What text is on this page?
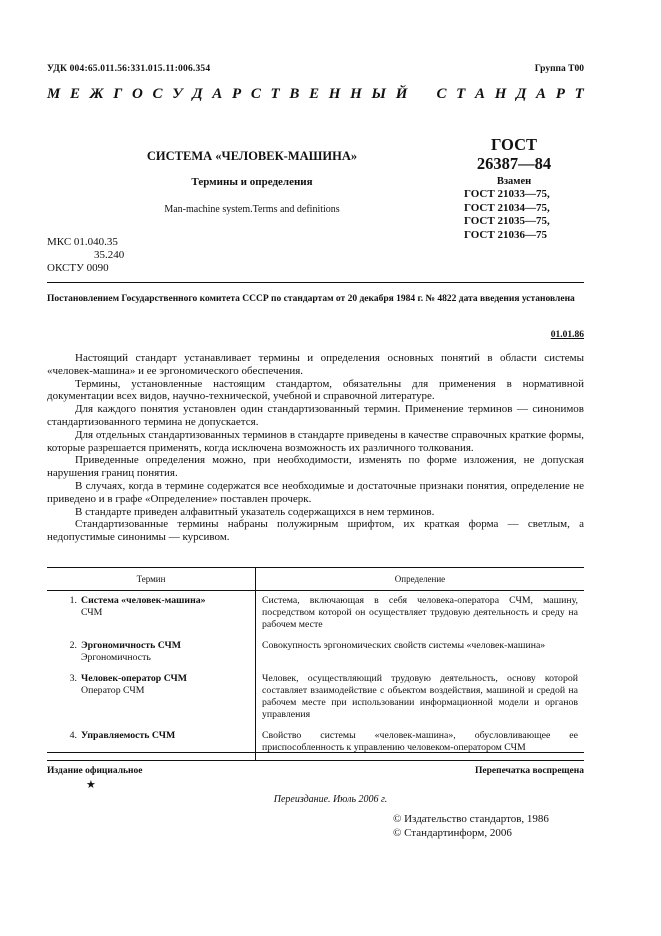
УДК 004:65.011.56:331.015.11:006.354	Группа Т00
М Е Ж Г О С У Д А Р С Т В Е Н Н Ы Й С Т А Н Д А Р Т
СИСТЕМА «ЧЕЛОВЕК-МАШИНА»
Термины и определения
Man-machine system.Terms and definitions
ГОСТ
26387—84
Взамен
ГОСТ 21033—75,
ГОСТ 21034—75,
ГОСТ 21035—75,
ГОСТ 21036—75
МКС 01.040.35
35.240
ОКСТУ 0090
Постановлением Государственного комитета СССР по стандартам от 20 декабря 1984 г. № 4822 дата введения установлена
01.01.86

Настоящий стандарт устанавливает термины и определения основных понятий в области системы «человек-машина» и ее эргономического обеспечения.

Термины, установленные настоящим стандартом, обязательны для применения в нормативной документации всех видов, научно-технической, учебной и справочной литературе.

Для каждого понятия установлен один стандартизованный термин. Применение терминов — синонимов стандартизованного термина не допускается.

Для отдельных стандартизованных терминов в стандарте приведены в качестве справочных краткие формы, которые разрешается применять, когда исключена возможность их различного толкования.

Приведенные определения можно, при необходимости, изменять по форме изложения, не допуская нарушения границ понятия.

В случаях, когда в термине содержатся все необходимые и достаточные признаки понятия, определение не приведено и в графе «Определение» поставлен прочерк.

В стандарте приведен алфавитный указатель содержащихся в нем терминов.

Стандартизованные термины набраны полужирным шрифтом, их краткая форма — светлым, а недопустимые синонимы — курсивом.

Термин	Определение
1. Система «человек-машина»
СЧМ	Система, включающая в себя человека-оператора СЧМ, машину, посредством которой он осуществляет трудовую деятельность и среду на рабочем месте
2. Эргономичность СЧМ
Эргономичность	Совокупность эргономических свойств системы «человек-машина»
3. Человек-оператор СЧМ
Оператор СЧМ	Человек, осуществляющий трудовую деятельность, основу которой составляет взаимодействие с объектом воздействия, машиной и средой на рабочем месте при использовании информационной модели и органов управления
4. Управляемость СЧМ	Свойство системы «человек-машина», обусловливающее ее приспособленность к управлению человеком-оператором СЧМ
Издание официальное
★
Перепечатка воспрещена
Переиздание. Июль 2006 г.
© Издательство стандартов, 1986
© Стандартинформ, 2006
